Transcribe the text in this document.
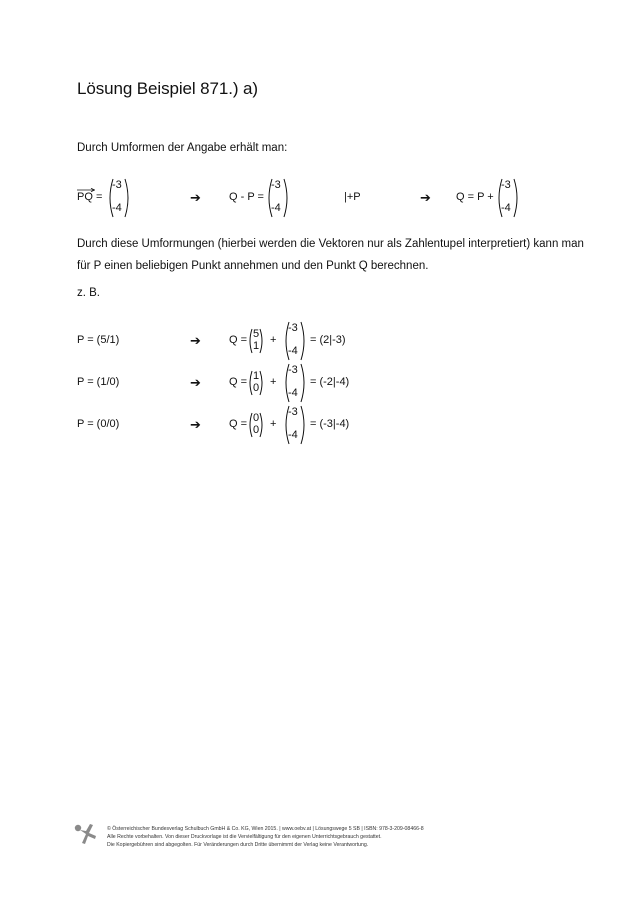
Lösung Beispiel 871.) a)

Durch Umformen der Angabe erhält man:

PQ =
-3
-4
➔	Q - P =
-3
-4
|+P	➔ Q = P +
-3
-4

Durch diese Umformungen (hierbei werden die Vektoren nur als Zahlentupel interpretiert) kann man

für P einen beliebigen Punkt annehmen und den Punkt Q berechnen.

z. B.

P = (5/1)	➔	Q = 5
1 +
-3
-4
= (2|-3)
P = (1/0)	➔	Q = 1
0 +
-3
-4
= (-2|-4)
P = (0/0)	➔	Q = 0
0 +
-3
-4
= (-3|-4)
© Österreichischer Bundesverlag Schulbuch GmbH & Co. KG, Wien 2015. | www.oebv.at | Lösungswege 5 SB | ISBN: 978-3-209-08466-8
Alle Rechte vorbehalten. Von dieser Druckvorlage ist die Vervielfältigung für den eigenen Unterrichtsgebrauch gestattet.
Die Kopiergebühren sind abgegolten. Für Veränderungen durch Dritte übernimmt der Verlag keine Verantwortung.
